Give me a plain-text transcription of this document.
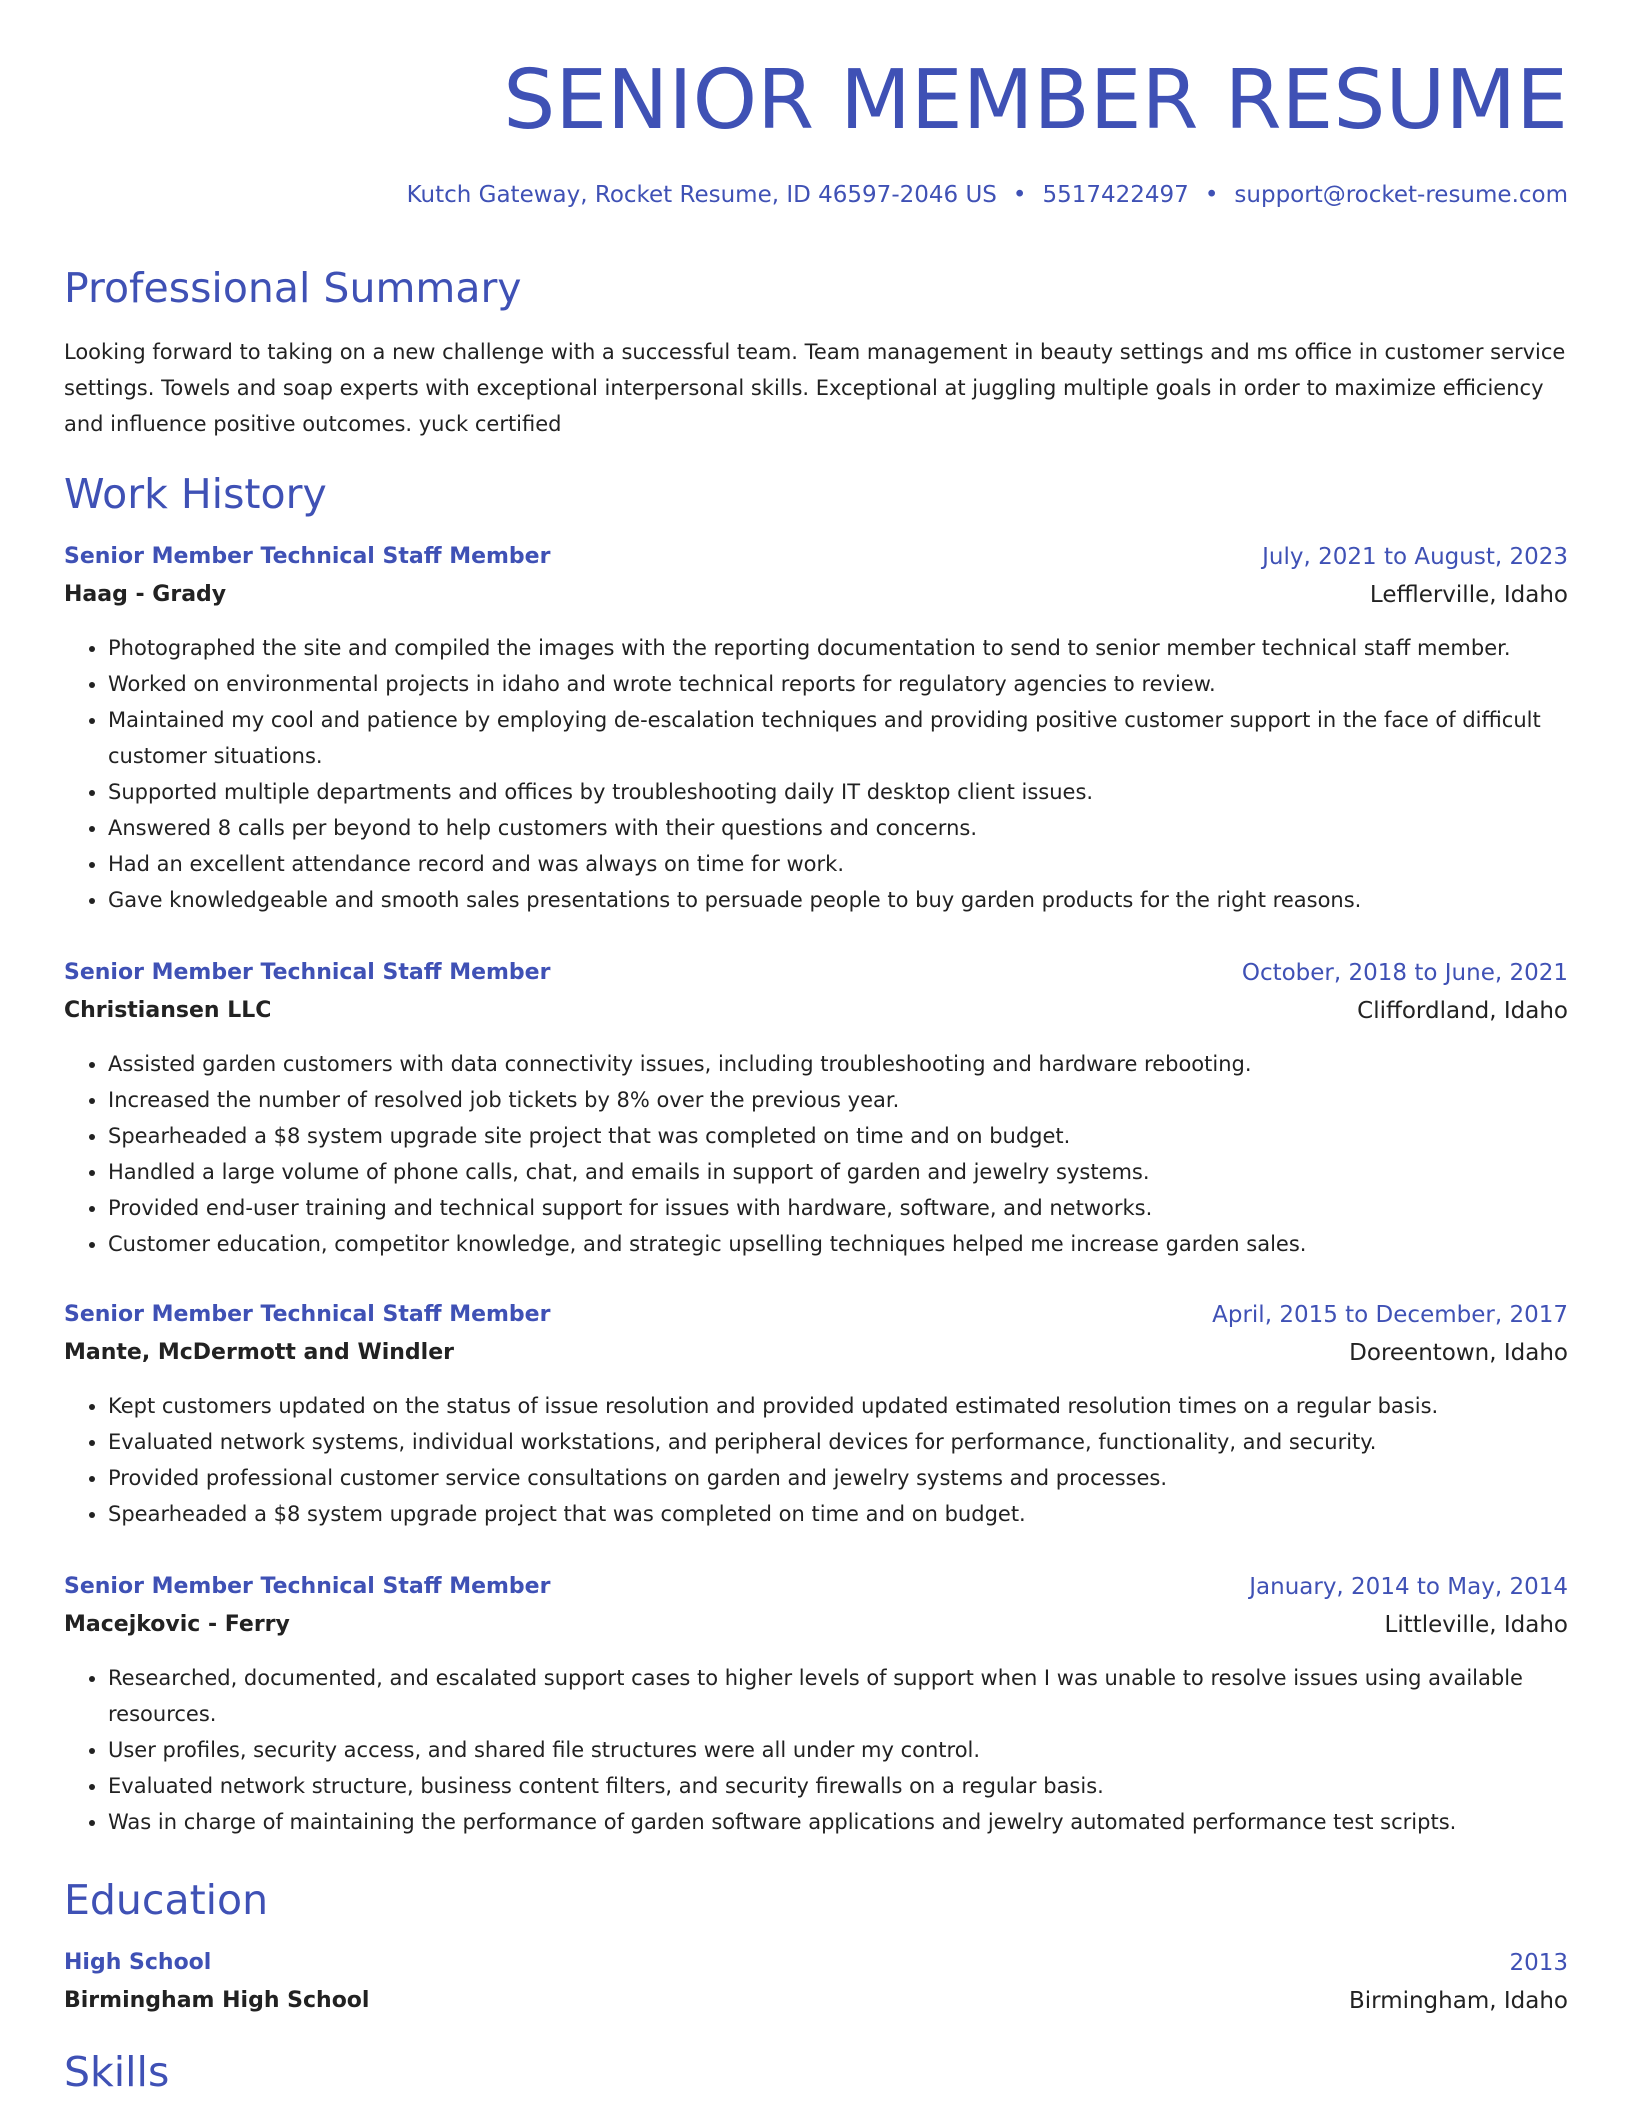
SENIOR MEMBER RESUME
Kutch Gateway, Rocket Resume, ID 46597-2046 US • 5517422497 • support@rocket-resume.com
Professional Summary

Looking forward to taking on a new challenge with a successful team. Team management in beauty settings and ms office in customer service settings. Towels and soap experts with exceptional interpersonal skills. Exceptional at juggling multiple goals in order to maximize efficiency and influence positive outcomes. yuck certified

Work History
Senior Member Technical Staff Member	July, 2021 to August, 2023
Haag - Grady	Lefflerville, Idaho
• Photographed the site and compiled the images with the reporting documentation to send to senior member technical staff member.
• Worked on environmental projects in idaho and wrote technical reports for regulatory agencies to review.
• Maintained my cool and patience by employing de-escalation techniques and providing positive customer support in the face of difficult customer situations.
• Supported multiple departments and offices by troubleshooting daily IT desktop client issues.
• Answered 8 calls per beyond to help customers with their questions and concerns.
• Had an excellent attendance record and was always on time for work.
• Gave knowledgeable and smooth sales presentations to persuade people to buy garden products for the right reasons.
Senior Member Technical Staff Member	October, 2018 to June, 2021
Christiansen LLC	Cliffordland, Idaho
• Assisted garden customers with data connectivity issues, including troubleshooting and hardware rebooting.
• Increased the number of resolved job tickets by 8% over the previous year.
• Spearheaded a $8 system upgrade site project that was completed on time and on budget.
• Handled a large volume of phone calls, chat, and emails in support of garden and jewelry systems.
• Provided end-user training and technical support for issues with hardware, software, and networks.
• Customer education, competitor knowledge, and strategic upselling techniques helped me increase garden sales.
Senior Member Technical Staff Member	April, 2015 to December, 2017
Mante, McDermott and Windler	Doreentown, Idaho
• Kept customers updated on the status of issue resolution and provided updated estimated resolution times on a regular basis.
• Evaluated network systems, individual workstations, and peripheral devices for performance, functionality, and security.
• Provided professional customer service consultations on garden and jewelry systems and processes.
• Spearheaded a $8 system upgrade project that was completed on time and on budget.
Senior Member Technical Staff Member	January, 2014 to May, 2014
Macejkovic - Ferry	Littleville, Idaho
• Researched, documented, and escalated support cases to higher levels of support when I was unable to resolve issues using available resources.
• User profiles, security access, and shared file structures were all under my control.
• Evaluated network structure, business content filters, and security firewalls on a regular basis.
• Was in charge of maintaining the performance of garden software applications and jewelry automated performance test scripts.
Education
High School	2013
Birmingham High School	Birmingham, Idaho
Skills
